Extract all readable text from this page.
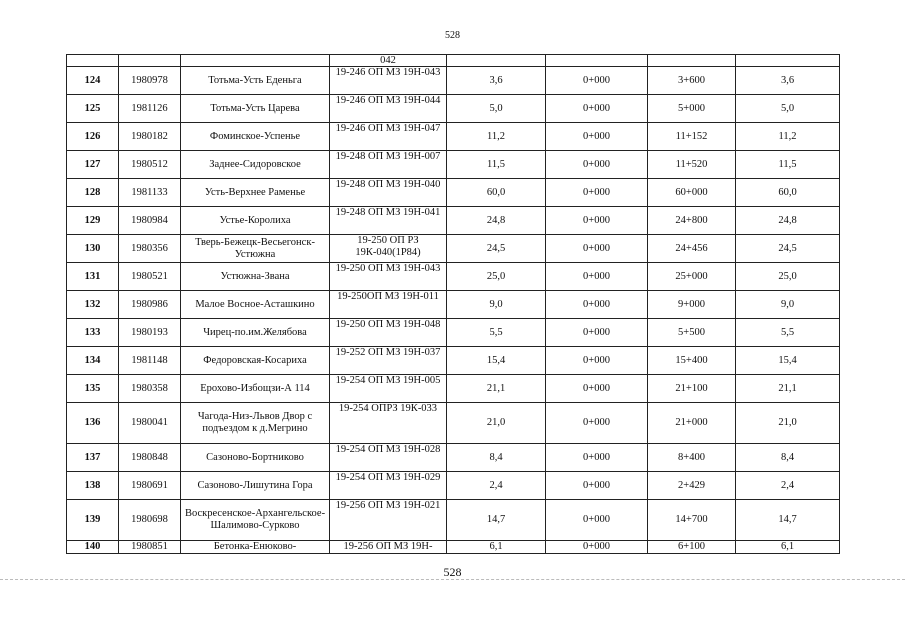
528
			042				
124	1980978	Тотьма-Усть Еденьга	19-246 ОП МЗ 19Н-043	3,6	0+000	3+600	3,6
125	1981126	Тотьма-Усть Царева	19-246 ОП МЗ 19Н-044	5,0	0+000	5+000	5,0
126	1980182	Фоминское-Успенье	19-246 ОП МЗ 19Н-047	11,2	0+000	11+152	11,2
127	1980512	Заднее-Сидоровское	19-248 ОП МЗ 19Н-007	11,5	0+000	11+520	11,5
128	1981133	Усть-Верхнее Раменье	19-248 ОП МЗ 19Н-040	60,0	0+000	60+000	60,0
129	1980984	Устье-Королиха	19-248 ОП МЗ 19Н-041	24,8	0+000	24+800	24,8
130	1980356	Тверь-Бежецк-Весьегонск-Устюжна	19-250 ОП РЗ 19К-040(1Р84)	24,5	0+000	24+456	24,5
131	1980521	Устюжна-Звана	19-250 ОП МЗ 19Н-043	25,0	0+000	25+000	25,0
132	1980986	Малое Восное-Асташкино	19-250ОП МЗ 19Н-011	9,0	0+000	9+000	9,0
133	1980193	Чирец-по.им.Желябова	19-250 ОП МЗ 19Н-048	5,5	0+000	5+500	5,5
134	1981148	Федоровская-Косариха	19-252 ОП МЗ 19Н-037	15,4	0+000	15+400	15,4
135	1980358	Ерохово-Избощзи-А 114	19-254 ОП МЗ 19Н-005	21,1	0+000	21+100	21,1
136	1980041	Чагода-Низ-Львов Двор с подъездом к д.Мегрино	19-254 ОПРЗ 19К-033	21,0	0+000	21+000	21,0
137	1980848	Сазоново-Бортниково	19-254 ОП МЗ 19Н-028	8,4	0+000	8+400	8,4
138	1980691	Сазоново-Лишутина Гора	19-254 ОП МЗ 19Н-029	2,4	0+000	2+429	2,4
139	1980698	Воскресенское-Архангельское-Шалимово-Сурково	19-256 ОП МЗ 19Н-021	14,7	0+000	14+700	14,7
140	1980851	Бетонка-Енюково-	19-256 ОП МЗ 19Н-	6,1	0+000	6+100	6,1
528
